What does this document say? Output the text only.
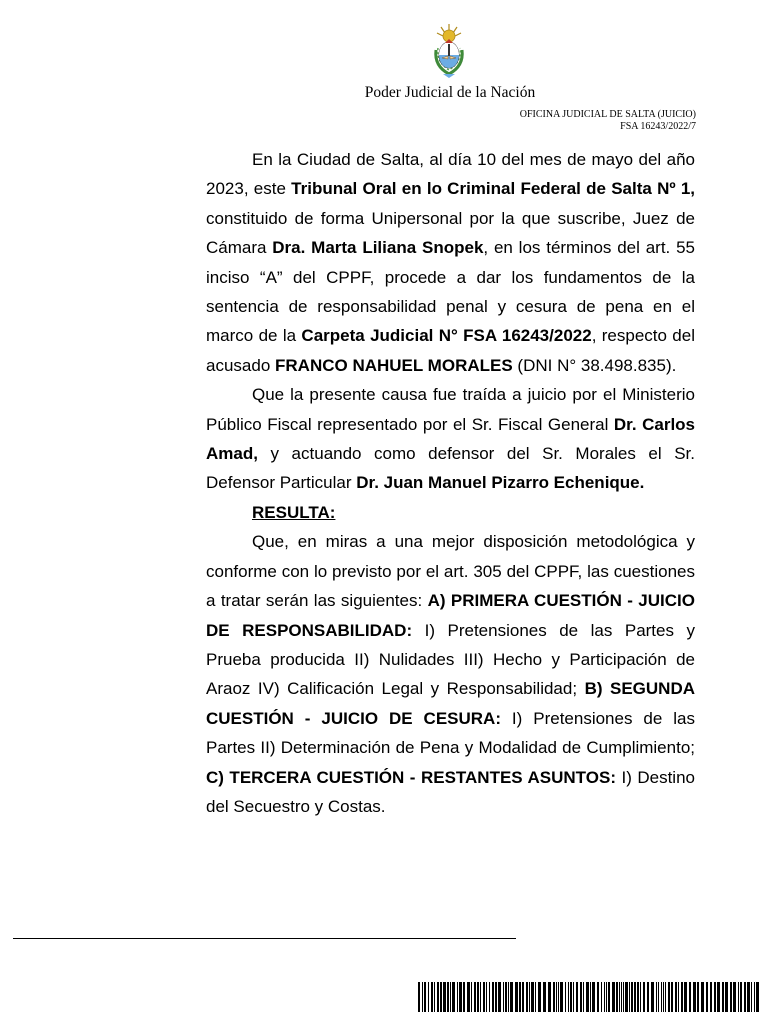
Poder Judicial de la Nación
OFICINA JUDICIAL DE SALTA (JUICIO)
FSA 16243/2022/7

En la Ciudad de Salta, al día 10 del mes de mayo del año 2023, este Tribunal Oral en lo Criminal Federal de Salta Nº 1, constituido de forma Unipersonal por la que suscribe, Juez de Cámara Dra. Marta Liliana Snopek, en los términos del art. 55 inciso “A” del CPPF, procede a dar los fundamentos de la sentencia de responsabilidad penal y cesura de pena en el marco de la Carpeta Judicial N° FSA 16243/2022, respecto del acusado FRANCO NAHUEL MORALES (DNI N° 38.498.835).

Que la presente causa fue traída a juicio por el Ministerio Público Fiscal representado por el Sr. Fiscal General Dr. Carlos Amad, y actuando como defensor del Sr. Morales el Sr. Defensor Particular Dr. Juan Manuel Pizarro Echenique.

RESULTA:

Que, en miras a una mejor disposición metodológica y conforme con lo previsto por el art. 305 del CPPF, las cuestiones a tratar serán las siguientes: A) PRIMERA CUESTIÓN - JUICIO DE RESPONSABILIDAD: I) Pretensiones de las Partes y Prueba producida II) Nulidades III) Hecho y Participación de Araoz IV) Calificación Legal y Responsabilidad; B) SEGUNDA CUESTIÓN - JUICIO DE CESURA: I) Pretensiones de las Partes II) Determinación de Pena y Modalidad de Cumplimiento; C) TERCERA CUESTIÓN - RESTANTES ASUNTOS: I) Destino del Secuestro y Costas.
